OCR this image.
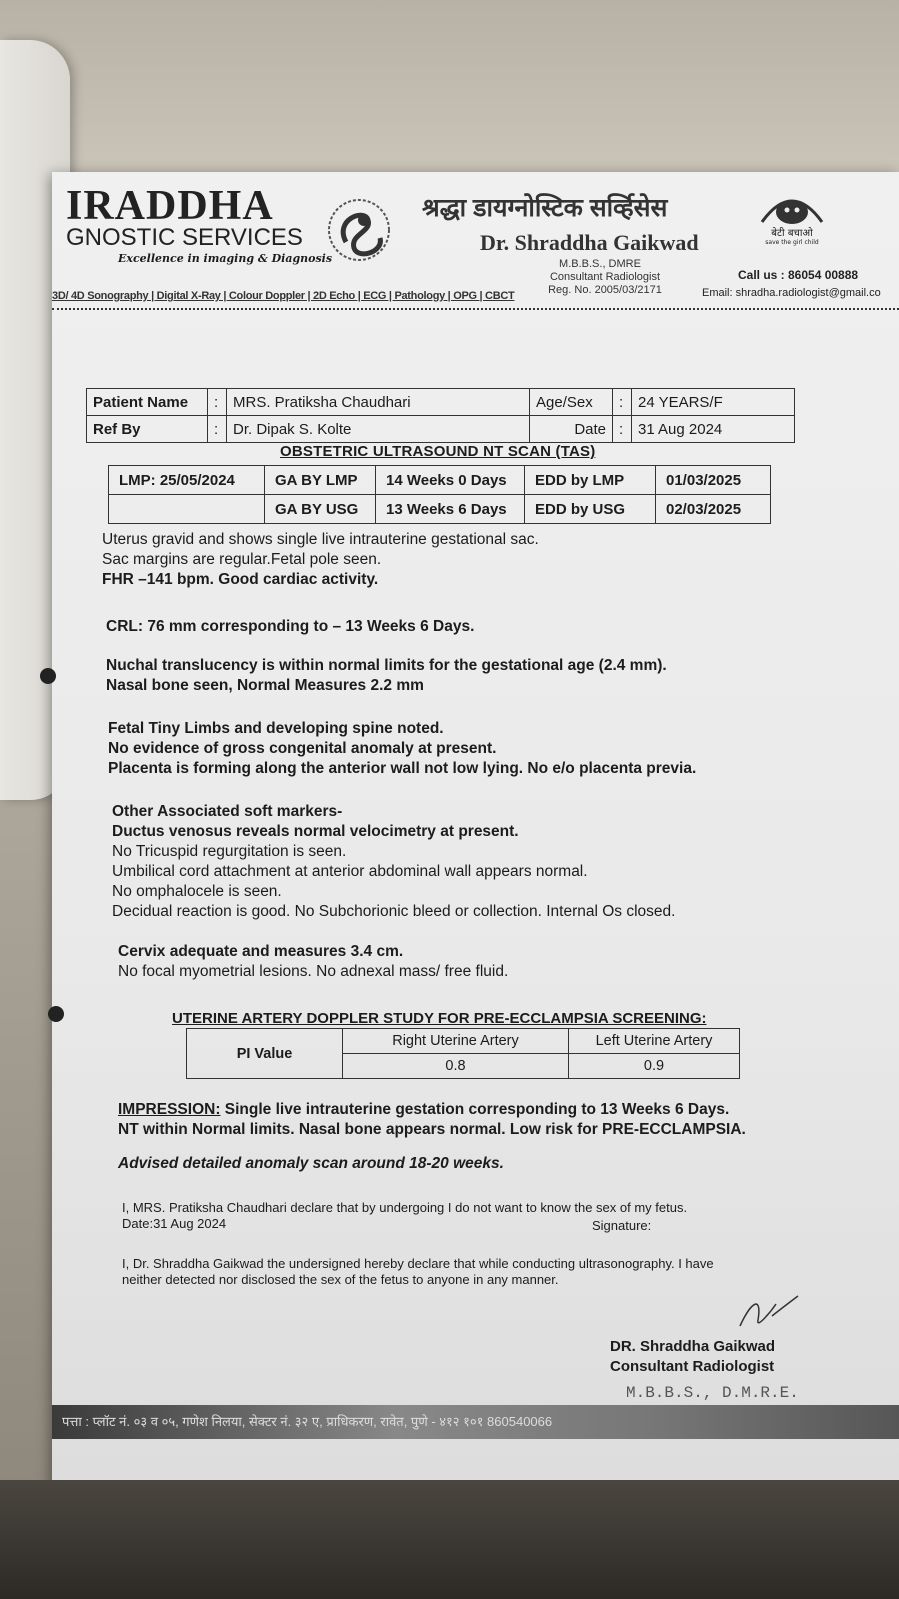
IRADDHA
GNOSTIC SERVICES
Excellence in imaging & Diagnosis
3D/ 4D Sonography | Digital X-Ray | Colour Doppler | 2D Echo | ECG | Pathology | OPG | CBCT
श्रद्धा डायग्नोस्टिक सर्व्हिसेस
Dr. Shraddha Gaikwad
M.B.B.S., DMRE
Consultant Radiologist
Reg. No. 2005/03/2171
बेटी बचाओ
save the girl child
Call us : 86054 00888
Email: shradha.radiologist@gmail.co
Patient Name	:	MRS. Pratiksha Chaudhari	Age/Sex	:	24 YEARS/F
Ref By	:	Dr. Dipak S. Kolte	Date	:	31 Aug 2024
OBSTETRIC ULTRASOUND NT SCAN (TAS)
LMP: 25/05/2024	GA BY LMP	14 Weeks 0 Days	EDD by LMP	01/03/2025
	GA BY USG	13 Weeks 6 Days	EDD by USG	02/03/2025
Uterus gravid and shows single live intrauterine gestational sac.
Sac margins are regular.Fetal pole seen.
FHR –141 bpm. Good cardiac activity.
CRL: 76 mm corresponding to – 13 Weeks 6 Days.
Nuchal translucency is within normal limits for the gestational age (2.4 mm).
Nasal bone seen, Normal Measures 2.2 mm
Fetal Tiny Limbs and developing spine noted.
No evidence of gross congenital anomaly at present.
Placenta is forming along the anterior wall not low lying. No e/o placenta previa.
Other Associated soft markers-
Ductus venosus reveals normal velocimetry at present.
No Tricuspid regurgitation is seen.
Umbilical cord attachment at anterior abdominal wall appears normal.
No omphalocele is seen.
Decidual reaction is good. No Subchorionic bleed or collection. Internal Os closed.
Cervix adequate and measures 3.4 cm.
No focal myometrial lesions. No adnexal mass/ free fluid.
UTERINE ARTERY DOPPLER STUDY FOR PRE-ECCLAMPSIA SCREENING:
PI Value	Right Uterine Artery	Left Uterine Artery
	0.8	0.9
IMPRESSION: Single live intrauterine gestation corresponding to 13 Weeks 6 Days.
NT within Normal limits. Nasal bone appears normal. Low risk for PRE-ECCLAMPSIA.
Advised detailed anomaly scan around 18-20 weeks.
I, MRS. Pratiksha Chaudhari declare that by undergoing I do not want to know the sex of my fetus.
Date:31 Aug 2024	Signature:
I, Dr. Shraddha Gaikwad the undersigned hereby declare that while conducting ultrasonography. I have
neither detected nor disclosed the sex of the fetus to anyone in any manner.
DR. Shraddha Gaikwad
Consultant Radiologist
M.B.B.S., D.M.R.E.
पत्ता : प्लॉट नं. ०३ व ०५, गणेश निलया, सेक्टर नं. ३२ ए, प्राधिकरण, रावेत, पुणे - ४१२ १०१ 860540066
